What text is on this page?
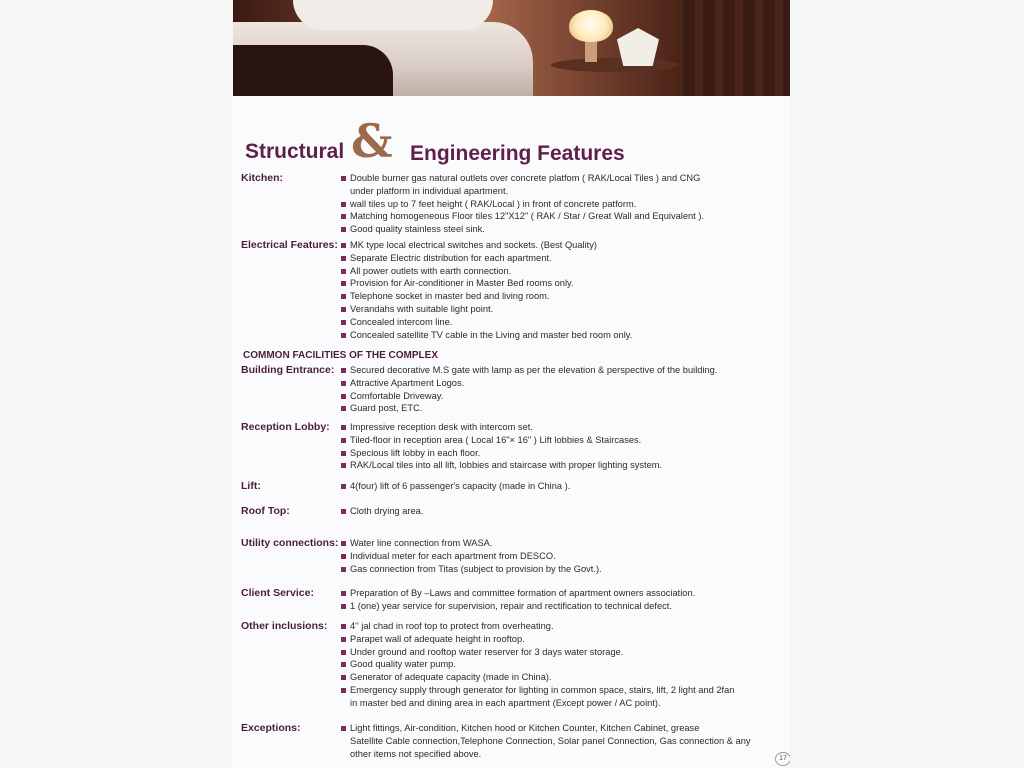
Structural & Engineering Features
Kitchen:	Double burner gas natural outlets over concrete platfom ( RAK/Local Tiles ) and CNG
under platform in individual apartment.
wall tiles up to 7 feet height ( RAK/Local ) in front of concrete patform.
Matching homogeneous Floor tiles 12"X12" ( RAK / Star / Great Wall and Equivalent ).
Good quality stainless steel sink.
Electrical Features:	MK type local electrical switches and sockets. (Best Quality)
Separate Electric distribution for each apartment.
All power outlets with earth connection.
Provision for Air-conditioner in Master Bed rooms only.
Telephone socket in master bed and living room.
Verandahs with suitable light point.
Concealed intercom line.
Concealed satellite TV cable in the Living and master bed room only.
COMMON FACILITIES OF THE COMPLEX
Building Entrance:	Secured decorative M.S gate with lamp as per the elevation & perspective of the building.
Attractive Apartment Logos.
Comfortable Driveway.
Guard post, ETC.
Reception Lobby:	Impressive reception desk with intercom set.
Tiled-floor in reception area ( Local 16"× 16" ) Lift lobbies & Staircases.
Specious lift lobby in each floor.
RAK/Local tiles into all lift, lobbies and staircase with proper lighting system.
Lift:	4(four) lift of 6 passenger's capacity (made in China ).
Roof Top:	Cloth drying area.
Utility connections:	Water line connection from WASA.
Individual meter for each apartment from DESCO.
Gas connection from Titas (subject to provision by the Govt.).
Client Service:	Preparation of By –Laws and committee formation of apartment owners association.
1 (one) year service for supervision, repair and rectification to technical defect.
Other inclusions:	4'' jal chad in roof top to protect from overheating.
Parapet wall of adequate height in rooftop.
Under ground and rooftop water reserver for 3 days water storage.
Good quality water pump.
Generator of adequate capacity (made in China).
Emergency supply through generator for lighting in common space, stairs, lift, 2 light and 2fan
in master bed and dining area in each apartment (Except power / AC point).
Exceptions:	Light fittings, Air-condition, Kitchen hood or Kitchen Counter, Kitchen Cabinet, grease
Satellite Cable connection,Telephone Connection, Solar panel Connection, Gas connection & any
other items not specified above.	17
